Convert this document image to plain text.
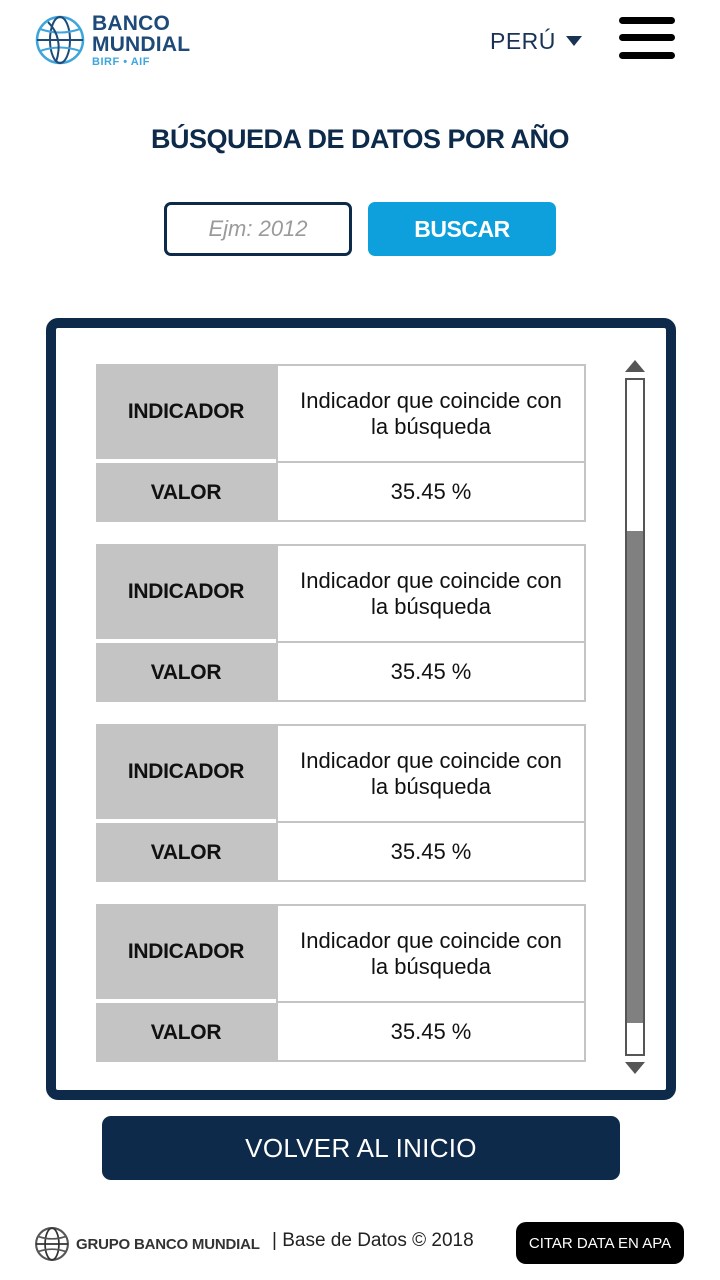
BANCO MUNDIAL
BIRF • AIF
PERÚ
BÚSQUEDA DE DATOS POR AÑO
Ejm: 2012
BUSCAR
INDICADOR	Indicador que coincide con la búsqueda
VALOR	35.45 %
INDICADOR	Indicador que coincide con la búsqueda
VALOR	35.45 %
INDICADOR	Indicador que coincide con la búsqueda
VALOR	35.45 %
INDICADOR	Indicador que coincide con la búsqueda
VALOR	35.45 %
VOLVER AL INICIO
GRUPO BANCO MUNDIAL | Base de Datos © 2018	CITAR DATA EN APA
